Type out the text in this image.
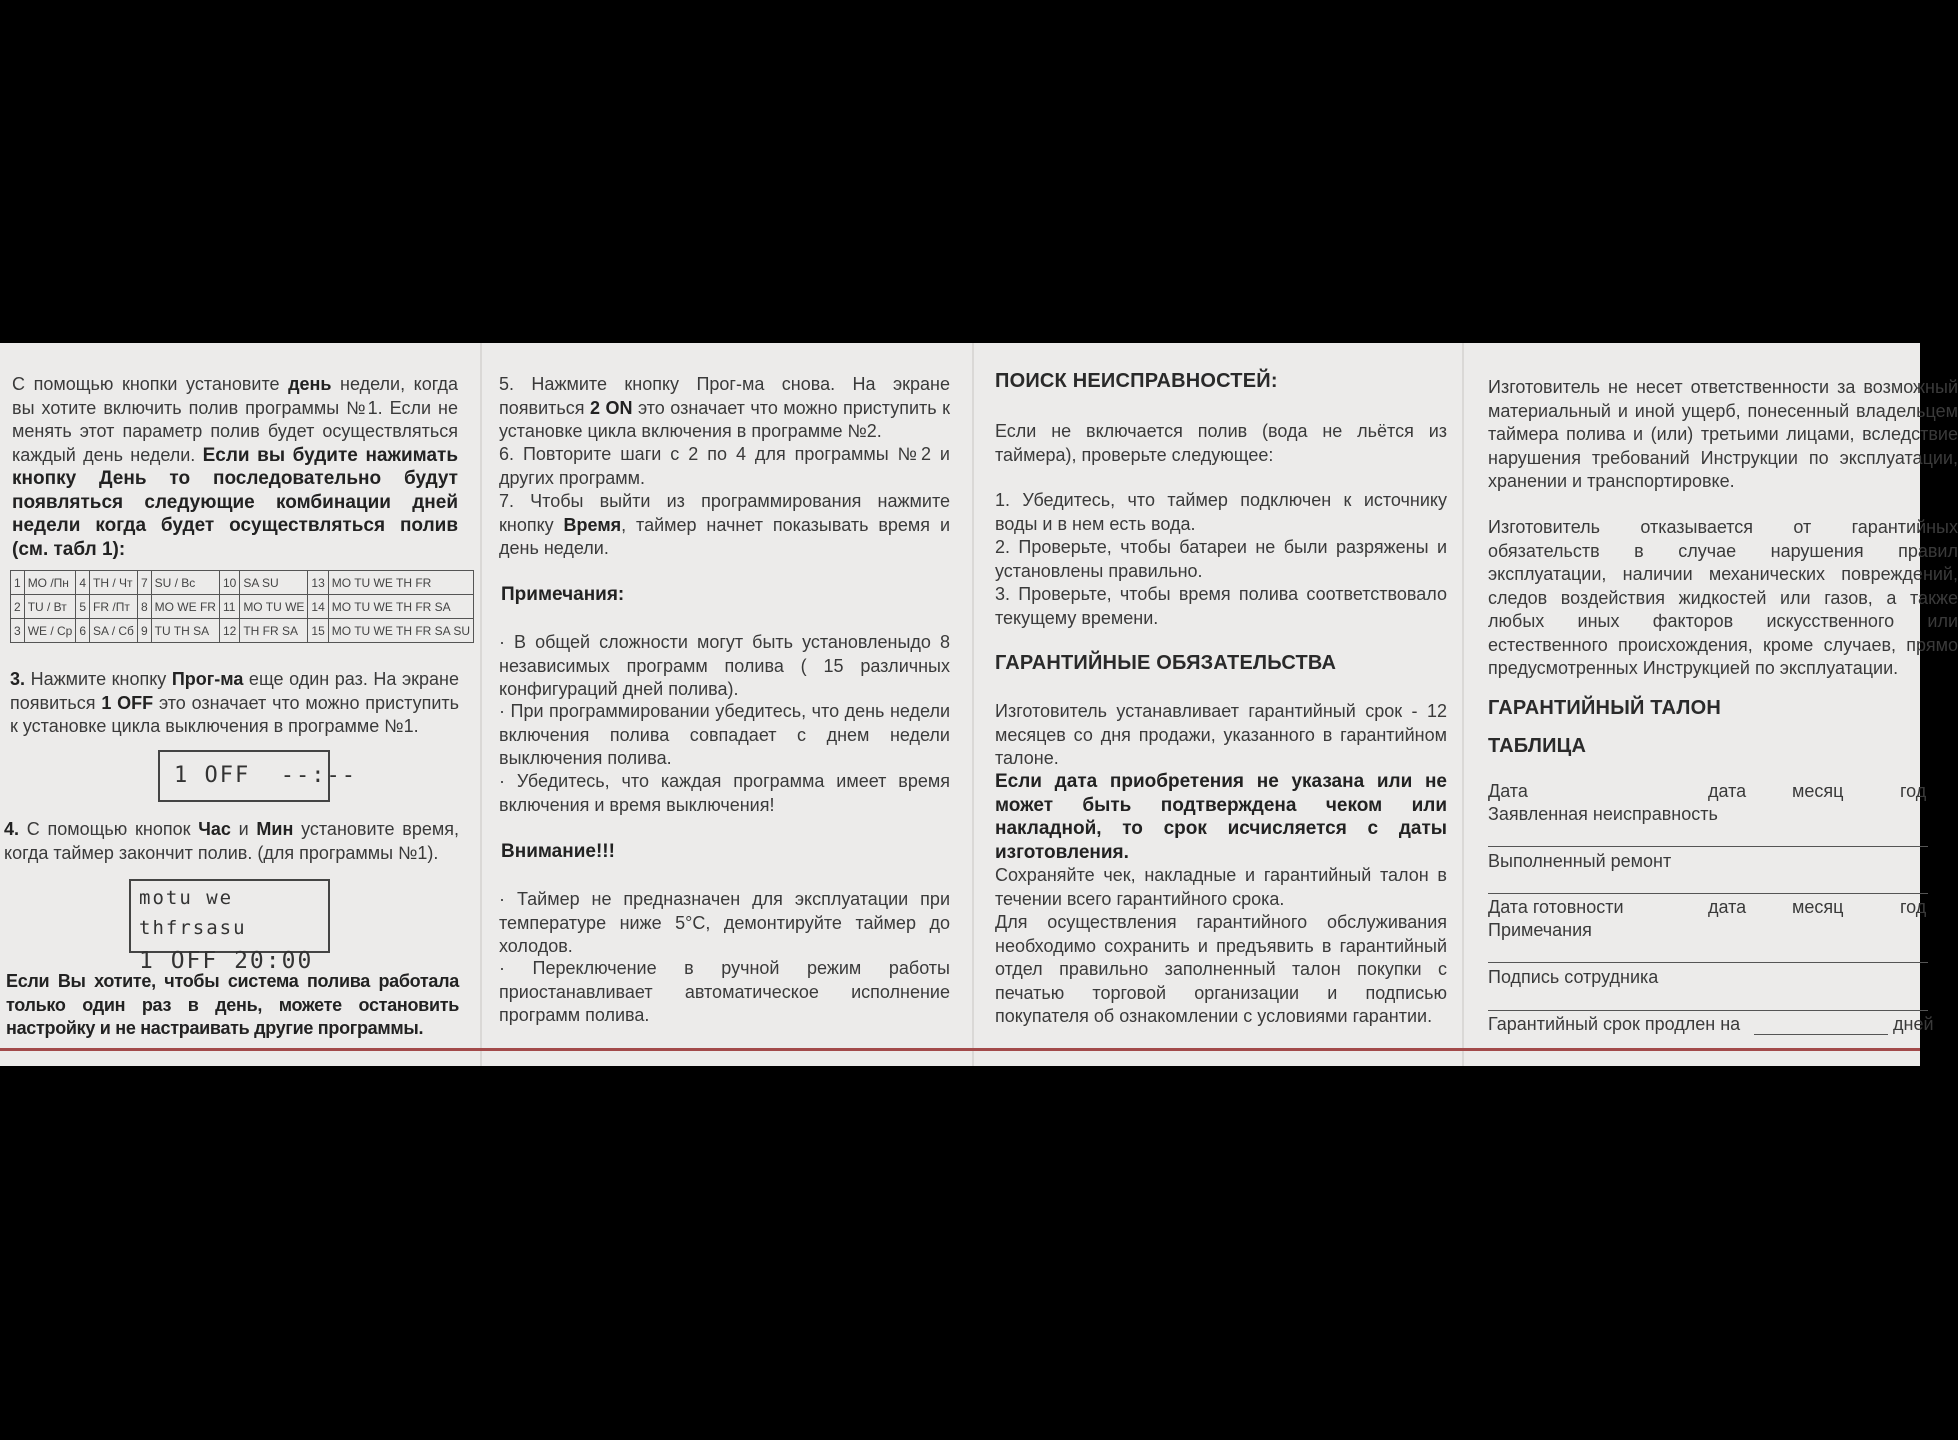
С помощью кнопки установите день недели, когда вы хотите включить полив программы №1. Если не менять этот параметр полив будет осуществляться каждый день недели. Если вы будите нажимать кнопку День то последовательно будут появляться следующие комбинации дней недели когда будет осуществляться полив (см. табл 1):

1	MO /Пн	4	TH / Чт	7	SU / Вс	10	SA SU	13	MO TU WE TH FR
2	TU / Вт	5	FR /Пт	8	MO WE FR	11	MO TU WE	14	MO TU WE TH FR SA
3	WE / Ср	6	SA / Сб	9	TU TH SA	12	TH FR SA	15	MO TU WE TH FR SA SU

3. Нажмите кнопку Прог-ма еще один раз. На экране появиться 1 OFF это означает что можно приступить к установке цикла выключения в программе №1.

1 OFF  --:--

4. С помощью кнопок Час и Мин установите время, когда таймер закончит полив. (для программы №1).

motu we thfrsasu
1 OFF 20:00

Если Вы хотите, чтобы система полива работала только один раз в день, можете остановить настройку и не настраивать другие программы.

5. Нажмите кнопку Прог-ма снова. На экране появиться 2 ON это означает что можно приступить к установке цикла включения в программе №2.

6. Повторите шаги с 2 по 4 для программы №2 и других программ.

7. Чтобы выйти из программирования нажмите кнопку Время, таймер начнет показывать время и день недели.

Примечания:

· В общей сложности могут быть установленыдо 8 независимых программ полива ( 15 различных конфигураций дней полива).

· При программировании убедитесь, что день недели включения полива совпадает с днем недели выключения полива.

· Убедитесь, что каждая программа имеет время включения и время выключения!

Внимание!!!

· Таймер не предназначен для эксплуатации при температуре ниже 5°С, демонтируйте таймер до холодов.

· Переключение в ручной режим работы приостанавливает автоматическое исполнение программ полива.

ПОИСК НЕИСПРАВНОСТЕЙ:

Если не включается полив (вода не льётся из таймера), проверьте следующее:

1. Убедитесь, что таймер подключен к источнику воды и в нем есть вода.

2. Проверьте, чтобы батареи не были разряжены и установлены правильно.

3. Проверьте, чтобы время полива соответствовало текущему времени.

ГАРАНТИЙНЫЕ ОБЯЗАТЕЛЬСТВА

Изготовитель устанавливает гарантийный срок - 12 месяцев со дня продажи, указанного в гарантийном талоне.

Если дата приобретения не указана или не может быть подтверждена чеком или накладной, то срок исчисляется с даты изготовления.

Сохраняйте чек, накладные и гарантийный талон в течении всего гарантийного срока.

Для осуществления гарантийного обслуживания необходимо сохранить и предъявить в гарантийный отдел правильно заполненный талон покупки с печатью торговой организации и подписью покупателя об ознакомлении с условиями гарантии.

Изготовитель не несет ответственности за возможный материальный и иной ущерб, понесенный владельцем таймера полива и (или) третьими лицами, вследствие нарушения требований Инструкции по эксплуатации, хранении и транспортировке.

Изготовитель отказывается от гарантийных обязательств в случае нарушения правил эксплуатации, наличии механических повреждений, следов воздействия жидкостей или газов, а также любых иных факторов искусственного или естественного происхождения, кроме случаев, прямо предусмотренных Инструкцией по эксплуатации.

ГАРАНТИЙНЫЙ ТАЛОН

ТАБЛИЦА

Дата	дата	месяц	год

Заявленная неисправность

Выполненный ремонт

Дата готовности	дата	месяц	год

Примечания

Подпись сотрудника

Гарантийный срок продлен на	дней
